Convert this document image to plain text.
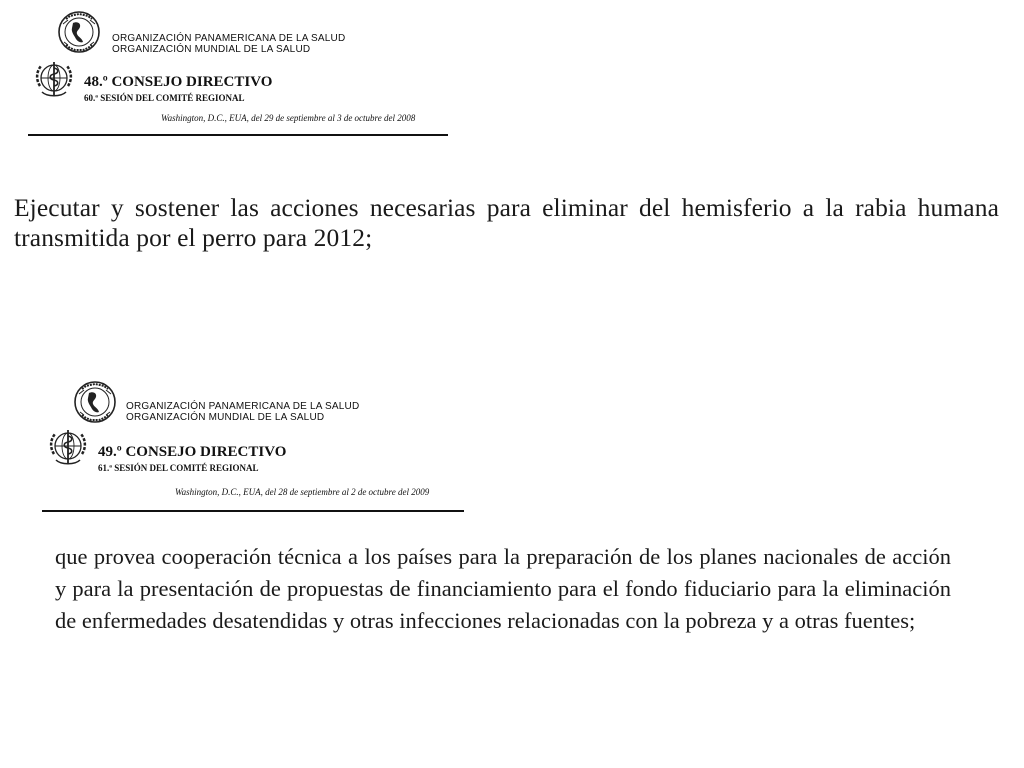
ORGANIZACIÓN PANAMERICANA DE LA SALUD
ORGANIZACIÓN MUNDIAL DE LA SALUD
48.º CONSEJO DIRECTIVO
60.ª SESIÓN DEL COMITÉ REGIONAL
Washington, D.C., EUA, del 29 de septiembre al 3 de octubre del 2008

Ejecutar y sostener las acciones necesarias para eliminar del hemisferio a la rabia humana transmitida por el perro para 2012;

ORGANIZACIÓN PANAMERICANA DE LA SALUD
ORGANIZACIÓN MUNDIAL DE LA SALUD
49.º CONSEJO DIRECTIVO
61.ª SESIÓN DEL COMITÉ REGIONAL
Washington, D.C., EUA, del 28 de septiembre al 2 de octubre del 2009

que provea cooperación técnica a los países para la preparación de los planes nacionales de acción y para la presentación de propuestas de financiamiento para el fondo fiduciario para la eliminación de enfermedades desatendidas y otras infecciones relacionadas con la pobreza y a otras fuentes;
